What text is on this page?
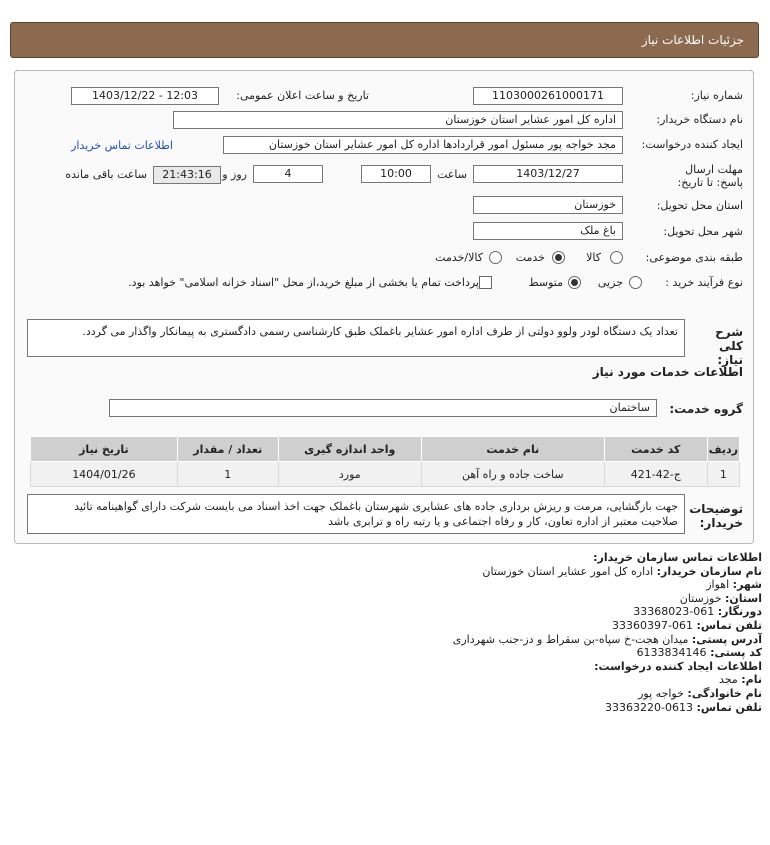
جزئیات اطلاعات نیاز
شماره نیاز:
1103000261000171
تاریخ و ساعت اعلان عمومی:
1403/12/22 - 12:03
نام دستگاه خریدار:
اداره کل امور عشایر استان خوزستان
ایجاد کننده درخواست:
مجد خواجه پور مسئول امور قراردادها اداره کل امور عشایر استان خوزستان
اطلاعات تماس خریدار
مهلت ارسال پاسخ: تا تاریخ:
1403/12/27
ساعت
10:00
4
روز و
21:43:16
ساعت باقی مانده
استان محل تحویل:
خوزستان
شهر محل تحویل:
باغ ملک
طبقه بندی موضوعی:
کالا
خدمت
کالا/خدمت
نوع فرآیند خرید :
جزیی
متوسط
پرداخت تمام یا بخشی از مبلغ خرید،از محل "اسناد خزانه اسلامی" خواهد بود.
شرح کلی نیاز:
تعداد یک دستگاه لودر ولوو دولتی از طرف اداره امور عشایر باغملک طبق کارشناسی رسمی دادگستری به پیمانکار واگذار می گردد.
اطلاعات خدمات مورد نیاز
گروه خدمت:
ساختمان
توضیحات خریدار:
جهت بازگشایی، مرمت و ریزش برداری جاده های عشایری شهرستان باغملک جهت اخذ اسناد می بایست شرکت دارای گواهینامه تائید صلاحیت معتبر از اداره تعاون، کار و رفاه اجتماعی و یا رتبه راه و ترابری باشد
ردیف	کد خدمت	نام خدمت	واحد اندازه گیری	تعداد / مقدار	تاریخ نیاز
1	ج-42-421	ساخت جاده و راه آهن	مورد	1	1404/01/26
اطلاعات تماس سازمان خریدار:
نام سازمان خریدار: اداره کل امور عشایر استان خوزستان
شهر: اهواز
استان: خوزستان
دورنگار: 061-33368023
تلفن تماس: 061-33360397
آدرس پستی: میدان هجت-خ سپاه-بن سقراط و دز-جنب شهرداری
کد پستی: 6133834146
اطلاعات ایجاد کننده درخواست:
نام: مجد
نام خانوادگی: خواجه پور
تلفن تماس: 0613-33363220
